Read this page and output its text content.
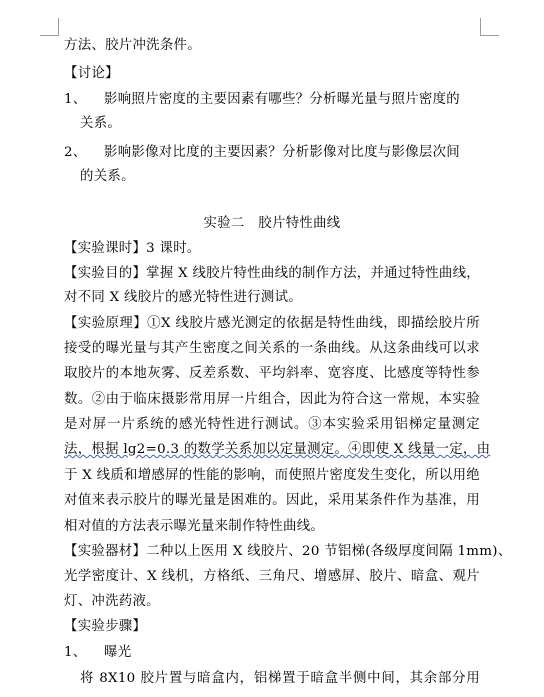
方法、胶片冲洗条件。
【讨论】
1、 影响照片密度的主要因素有哪些？分析曝光量与照片密度的
关系。
2、 影响影像对比度的主要因素？分析影像对比度与影像层次间
的关系。
实验二　胶片特性曲线
【实验课时】3 课时。
【实验目的】掌握 X 线胶片特性曲线的制作方法，并通过特性曲线，
对不同 X 线胶片的感光特性进行测试。
【实验原理】①X 线胶片感光测定的依据是特性曲线，即描绘胶片所
接受的曝光量与其产生密度之间关系的一条曲线。从这条曲线可以求
取胶片的本地灰雾、反差系数、平均斜率、宽容度、比感度等特性参
数。②由于临床摄影常用屏一片组合，因此为符合这一常规，本实验
是对屏一片系统的感光特性进行测试。③本实验采用铝梯定量测定
法，根据 lg2=0.3 的数学关系加以定量测定。④即使 X 线量一定，由
于 X 线质和增感屏的性能的影响，而使照片密度发生变化，所以用绝
对值来表示胶片的曝光量是困难的。因此，采用某条件作为基准，用
相对值的方法表示曝光量来制作特性曲线。
【实验器材】二种以上医用 X 线胶片、20 节铝梯(各级厚度间隔 1mm)、
光学密度计、X 线机，方格纸、三角尺、增感屏、胶片、暗盒、观片
灯、冲洗药液。
【实验步骤】
1、 曝光
将 8X10 胶片置与暗盒内，铝梯置于暗盒半侧中间，其余部分用
